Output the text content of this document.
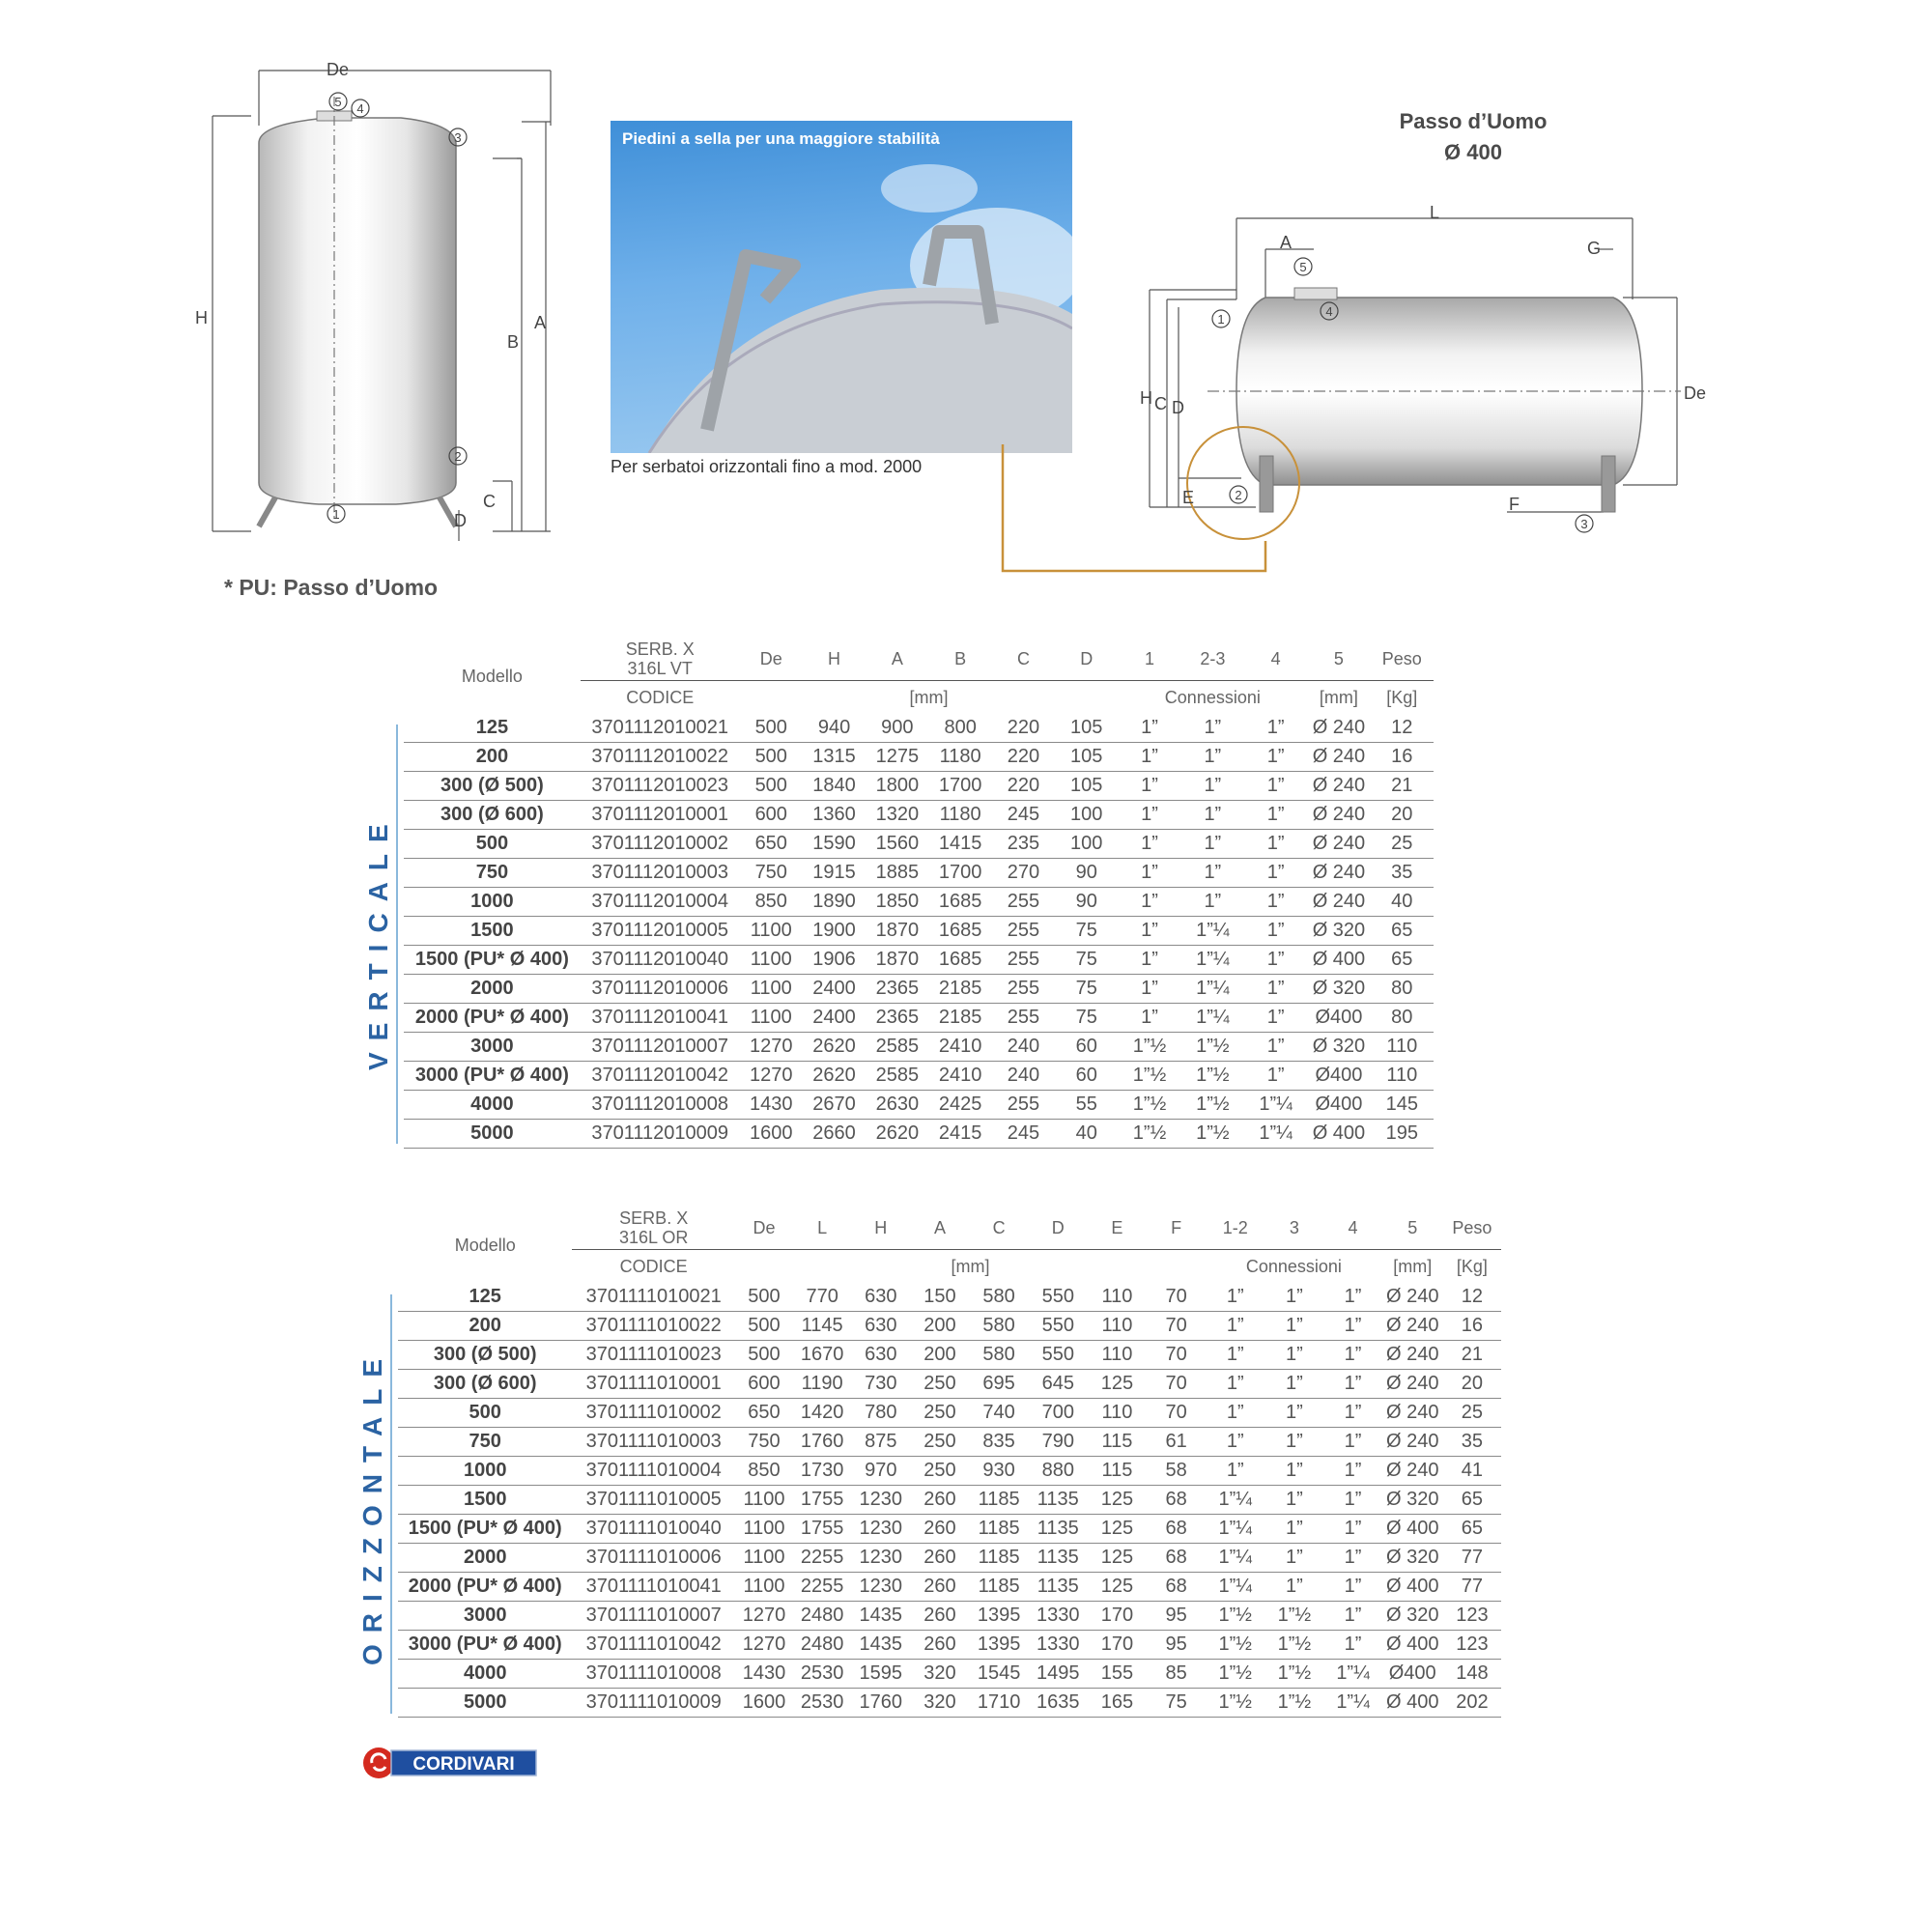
De
H
B
A
C
D
5 4
3
2
1
Piedini a sella per una maggiore stabilità
Per serbatoi orizzontali fino a mod. 2000
Passo d’Uomo
Ø 400
L
A	G
H C D
De
E	F
5
4
1
2
3
* PU: Passo d’Uomo
VERTICALE
Modello	SERB. X
316L VT	De	H	A	B	C	D	1	2-3	4	5	Peso
	CODICE	[mm]						Connessioni			[mm]	[Kg]
125	3701112010021	500	940	900	800	220	105	1”	1”	1”	Ø 240	12
200	3701112010022	500	1315	1275	1180	220	105	1”	1”	1”	Ø 240	16
300 (Ø 500)	3701112010023	500	1840	1800	1700	220	105	1”	1”	1”	Ø 240	21
300 (Ø 600)	3701112010001	600	1360	1320	1180	245	100	1”	1”	1”	Ø 240	20
500	3701112010002	650	1590	1560	1415	235	100	1”	1”	1”	Ø 240	25
750	3701112010003	750	1915	1885	1700	270	90	1”	1”	1”	Ø 240	35
1000	3701112010004	850	1890	1850	1685	255	90	1”	1”	1”	Ø 240	40
1500	3701112010005	1100	1900	1870	1685	255	75	1”	1”¼	1”	Ø 320	65
1500 (PU* Ø 400)	3701112010040	1100	1906	1870	1685	255	75	1”	1”¼	1”	Ø 400	65
2000	3701112010006	1100	2400	2365	2185	255	75	1”	1”¼	1”	Ø 320	80
2000 (PU* Ø 400)	3701112010041	1100	2400	2365	2185	255	75	1”	1”¼	1”	Ø400	80
3000	3701112010007	1270	2620	2585	2410	240	60	1”½	1”½	1”	Ø 320	110
3000 (PU* Ø 400)	3701112010042	1270	2620	2585	2410	240	60	1”½	1”½	1”	Ø400	110
4000	3701112010008	1430	2670	2630	2425	255	55	1”½	1”½	1”¼	Ø400	145
5000	3701112010009	1600	2660	2620	2415	245	40	1”½	1”½	1”¼	Ø 400	195
ORIZZONTALE
Modello	SERB. X
316L OR	De	L	H	A	C	D	E	F	1-2	3	4	5	Peso
	CODICE	[mm]								Connessioni			[mm]	[Kg]
125	3701111010021	500	770	630	150	580	550	110	70	1”	1”	1”	Ø 240	12
200	3701111010022	500	1145	630	200	580	550	110	70	1”	1”	1”	Ø 240	16
300 (Ø 500)	3701111010023	500	1670	630	200	580	550	110	70	1”	1”	1”	Ø 240	21
300 (Ø 600)	3701111010001	600	1190	730	250	695	645	125	70	1”	1”	1”	Ø 240	20
500	3701111010002	650	1420	780	250	740	700	110	70	1”	1”	1”	Ø 240	25
750	3701111010003	750	1760	875	250	835	790	115	61	1”	1”	1”	Ø 240	35
1000	3701111010004	850	1730	970	250	930	880	115	58	1”	1”	1”	Ø 240	41
1500	3701111010005	1100	1755	1230	260	1185	1135	125	68	1”¼	1”	1”	Ø 320	65
1500 (PU* Ø 400)	3701111010040	1100	1755	1230	260	1185	1135	125	68	1”¼	1”	1”	Ø 400	65
2000	3701111010006	1100	2255	1230	260	1185	1135	125	68	1”¼	1”	1”	Ø 320	77
2000 (PU* Ø 400)	3701111010041	1100	2255	1230	260	1185	1135	125	68	1”¼	1”	1”	Ø 400	77
3000	3701111010007	1270	2480	1435	260	1395	1330	170	95	1”½	1”½	1”	Ø 320	123
3000 (PU* Ø 400)	3701111010042	1270	2480	1435	260	1395	1330	170	95	1”½	1”½	1”	Ø 400	123
4000	3701111010008	1430	2530	1595	320	1545	1495	155	85	1”½	1”½	1”¼	Ø400	148
5000	3701111010009	1600	2530	1760	320	1710	1635	165	75	1”½	1”½	1”¼	Ø 400	202
CORDIVARI
